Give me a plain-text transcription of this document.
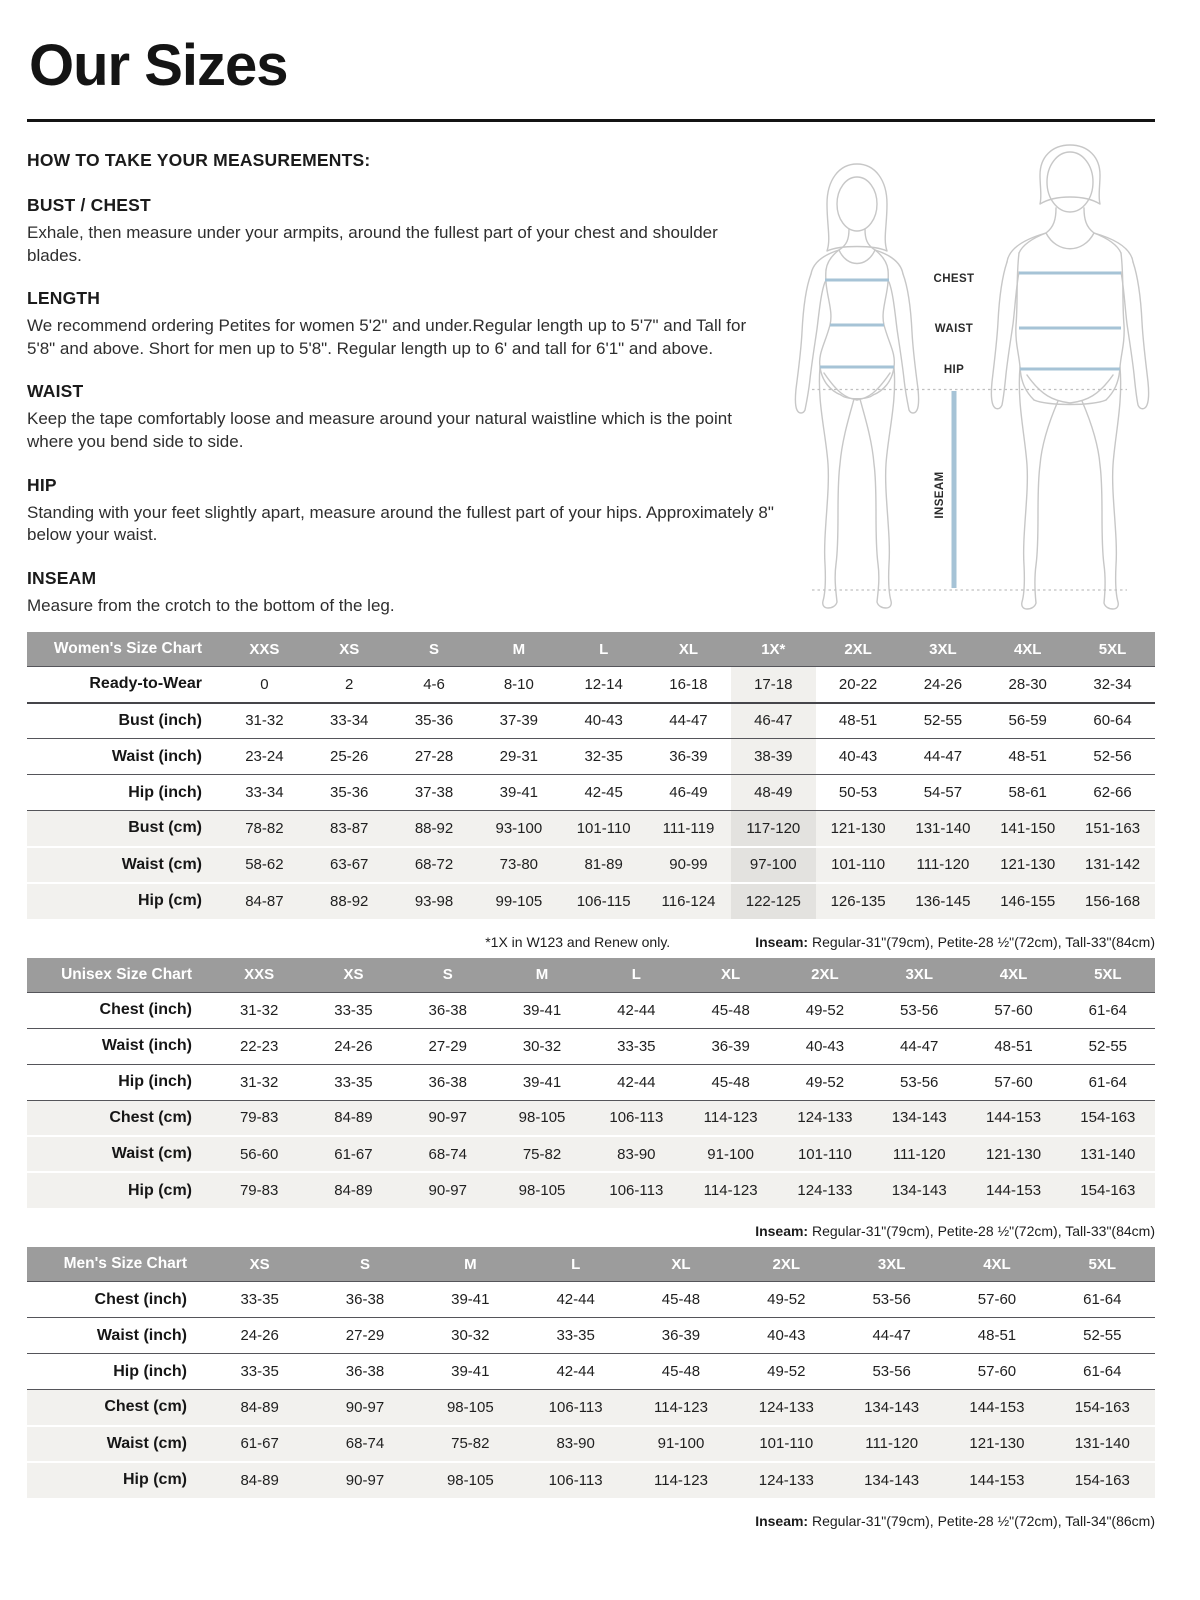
Our Sizes
HOW TO TAKE YOUR MEASUREMENTS:
BUST / CHEST

Exhale, then measure under your armpits, around the fullest part of your chest and shoulder blades.

LENGTH

We recommend ordering Petites for women 5'2" and under.Regular length up to 5'7" and Tall for 5'8" and above. Short for men up to 5'8". Regular length up to 6' and tall for 6'1" and above.

WAIST

Keep the tape comfortably loose and measure around your natural waistline which is the point where you bend side to side.

HIP

Standing with your feet slightly apart, measure around the fullest part of your hips. Approximately 8" below your waist.

INSEAM

Measure from the crotch to the bottom of the leg.

CHEST
WAIST
HIP
INSEAM
Women's Size Chart	XXS	XS	S	M	L	XL	1X*	2XL	3XL	4XL	5XL
Ready-to-Wear	0	2	4-6	8-10	12-14	16-18	17-18	20-22	24-26	28-30	32-34
Bust (inch)	31-32	33-34	35-36	37-39	40-43	44-47	46-47	48-51	52-55	56-59	60-64
Waist (inch)	23-24	25-26	27-28	29-31	32-35	36-39	38-39	40-43	44-47	48-51	52-56
Hip (inch)	33-34	35-36	37-38	39-41	42-45	46-49	48-49	50-53	54-57	58-61	62-66
Bust (cm)	78-82	83-87	88-92	93-100	101-110	111-119	117-120	121-130	131-140	141-150	151-163
Waist (cm)	58-62	63-67	68-72	73-80	81-89	90-99	97-100	101-110	111-120	121-130	131-142
Hip (cm)	84-87	88-92	93-98	99-105	106-115	116-124	122-125	126-135	136-145	146-155	156-168
*1X in W123 and Renew only.	Inseam: Regular-31"(79cm), Petite-28 ½"(72cm), Tall-33"(84cm)
Unisex Size Chart	XXS	XS	S	M	L	XL	2XL	3XL	4XL	5XL
Chest (inch)	31-32	33-35	36-38	39-41	42-44	45-48	49-52	53-56	57-60	61-64
Waist (inch)	22-23	24-26	27-29	30-32	33-35	36-39	40-43	44-47	48-51	52-55
Hip (inch)	31-32	33-35	36-38	39-41	42-44	45-48	49-52	53-56	57-60	61-64
Chest (cm)	79-83	84-89	90-97	98-105	106-113	114-123	124-133	134-143	144-153	154-163
Waist (cm)	56-60	61-67	68-74	75-82	83-90	91-100	101-110	111-120	121-130	131-140
Hip (cm)	79-83	84-89	90-97	98-105	106-113	114-123	124-133	134-143	144-153	154-163
Inseam: Regular-31"(79cm), Petite-28 ½"(72cm), Tall-33"(84cm)
Men's Size Chart	XS	S	M	L	XL	2XL	3XL	4XL	5XL
Chest (inch)	33-35	36-38	39-41	42-44	45-48	49-52	53-56	57-60	61-64
Waist (inch)	24-26	27-29	30-32	33-35	36-39	40-43	44-47	48-51	52-55
Hip (inch)	33-35	36-38	39-41	42-44	45-48	49-52	53-56	57-60	61-64
Chest (cm)	84-89	90-97	98-105	106-113	114-123	124-133	134-143	144-153	154-163
Waist (cm)	61-67	68-74	75-82	83-90	91-100	101-110	111-120	121-130	131-140
Hip (cm)	84-89	90-97	98-105	106-113	114-123	124-133	134-143	144-153	154-163
Inseam: Regular-31"(79cm), Petite-28 ½"(72cm), Tall-34"(86cm)
